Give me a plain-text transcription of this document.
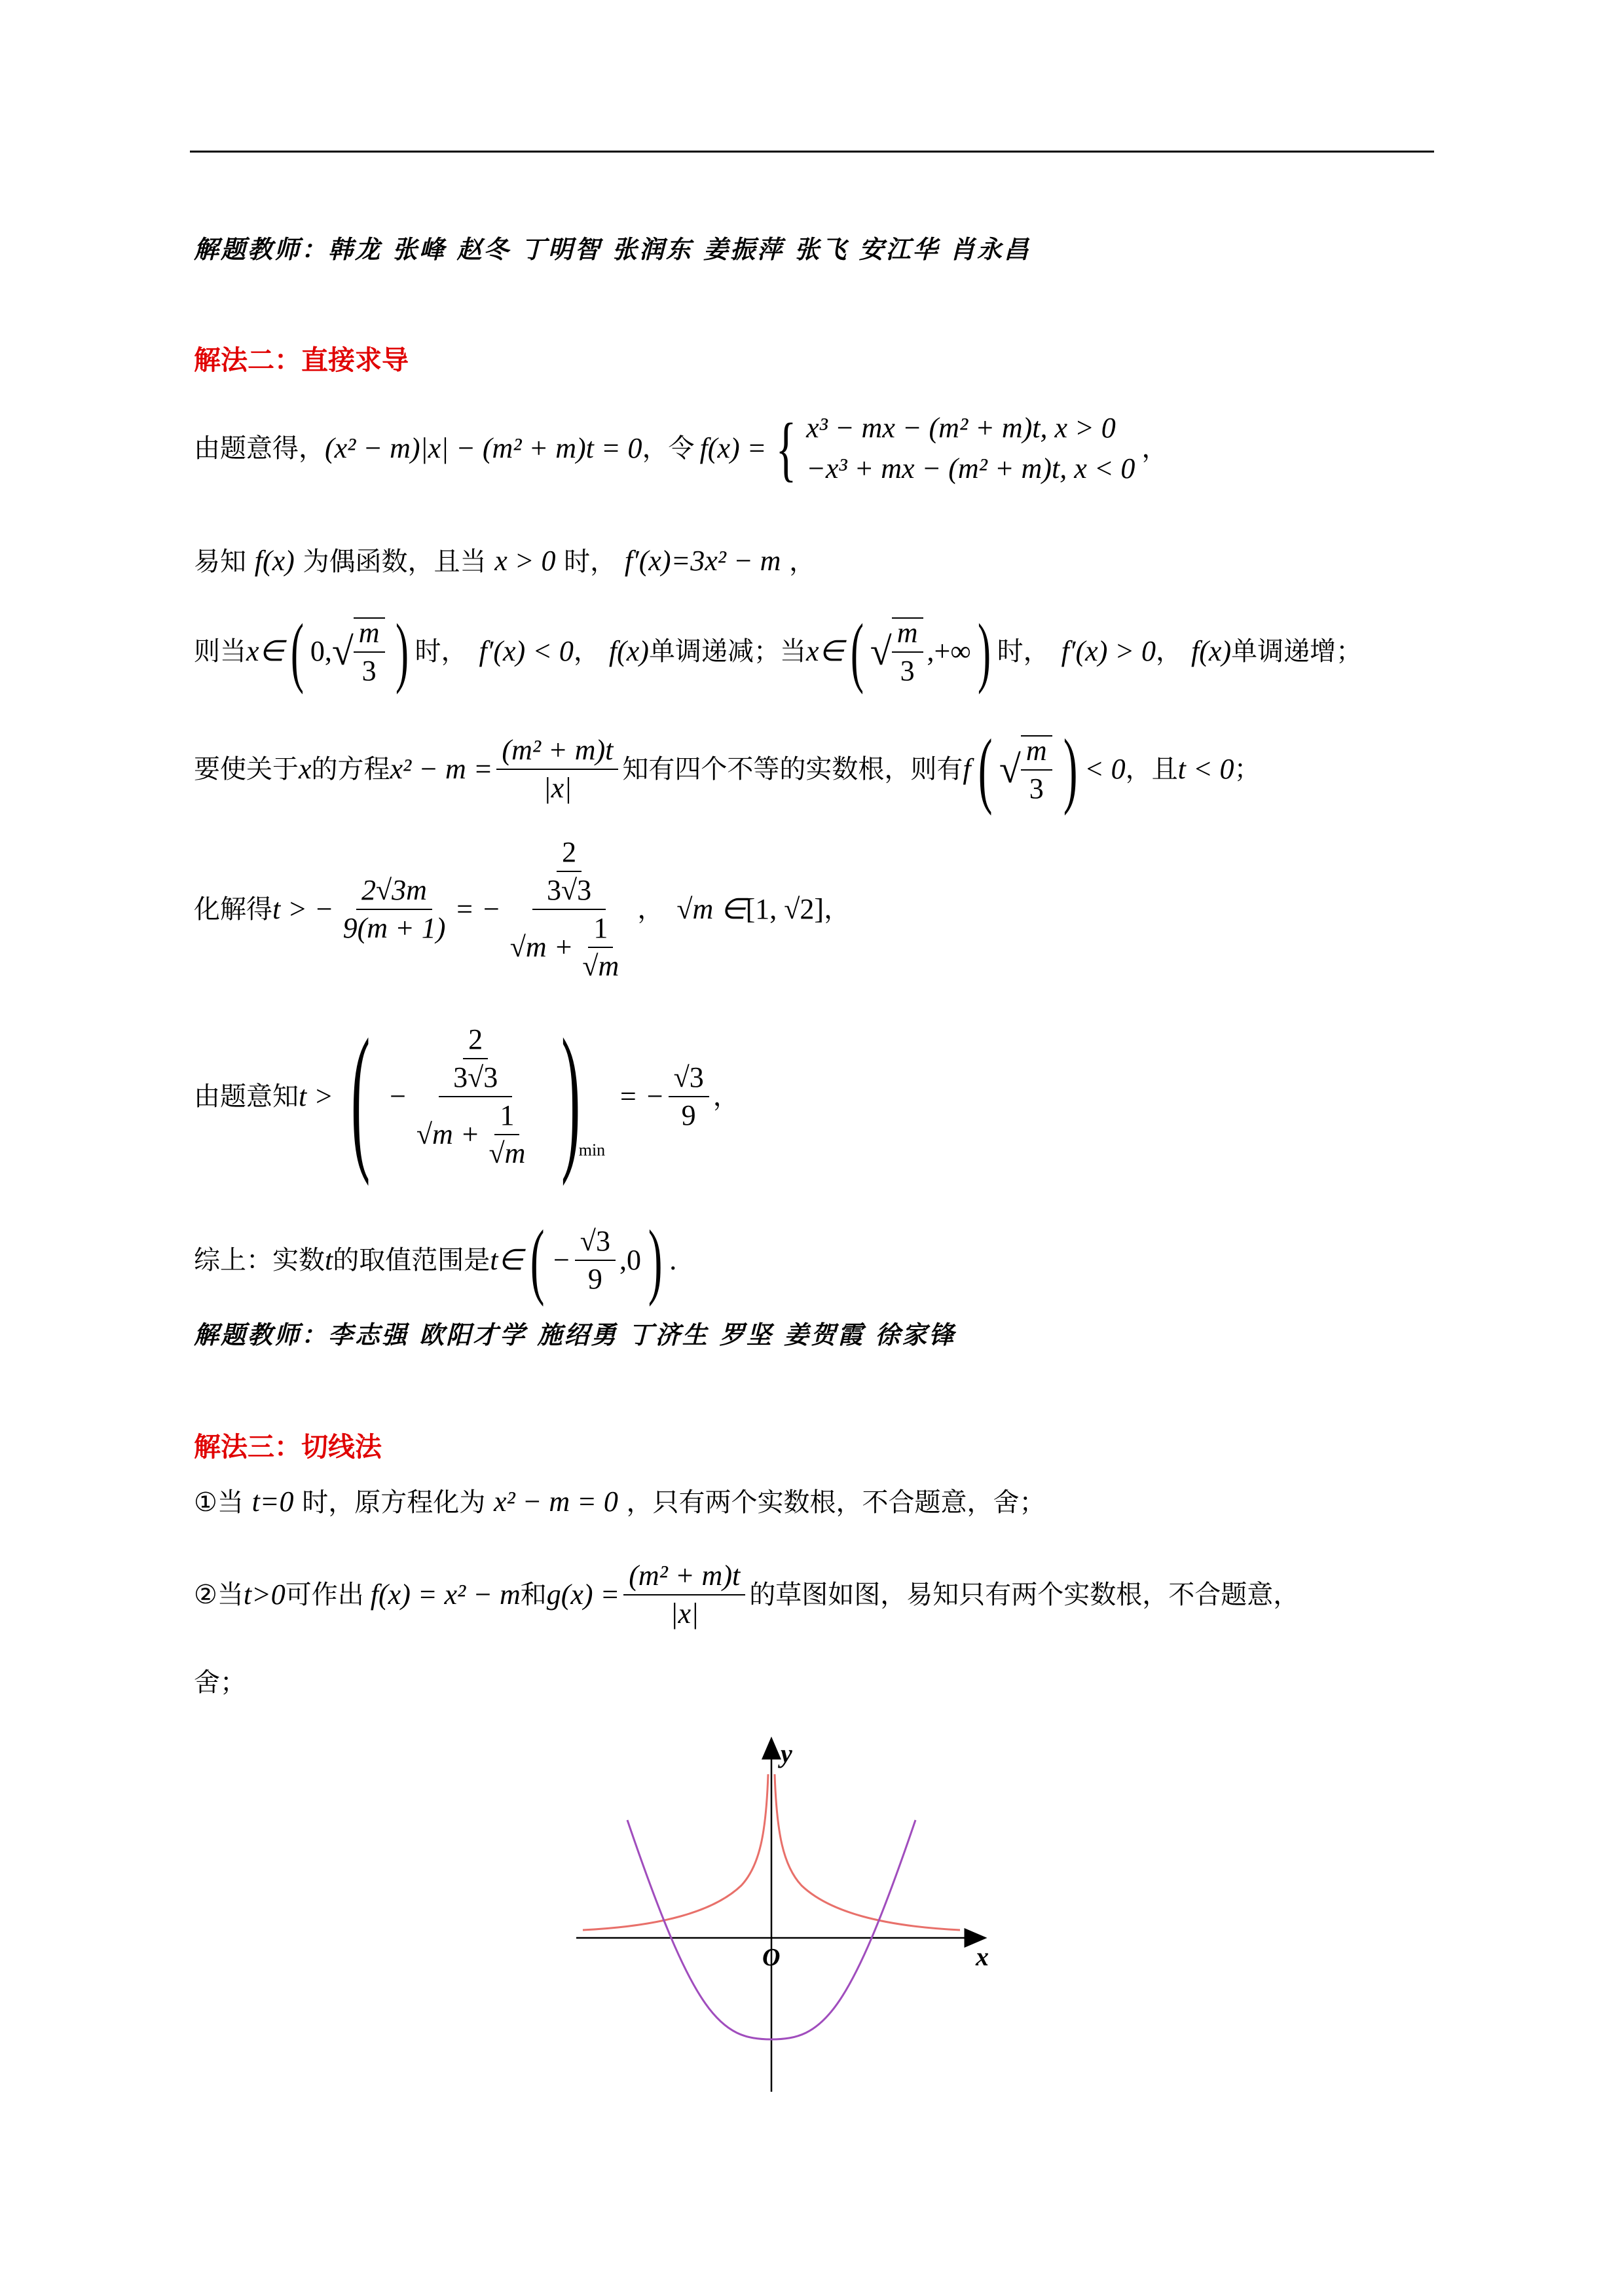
解题教师：韩龙 张峰 赵冬 丁明智 张润东 姜振萍 张飞 安江华 肖永昌
解法二：直接求导
由题意得， (x² − m)|x| − (m² + m)t = 0 ，令 f(x) = { x³ − mx − (m² + m)t, x > 0
−x³ + mx − (m² + m)t, x < 0
，
易知 f(x) 为偶函数，且当 x > 0 时， f′(x)=3x² − m ，
则当 x∈ ( 0, √ $\frac{m}{3}$ ) 时， f′(x) < 0 ， f(x) 单调递减；当 x∈ ( √ $\frac{m}{3}$ ,+∞ ) 时， f′(x) > 0 ， f(x) 单调递增；
要使关于 x 的方程 $x^2 - m = \frac{\text{(m² + m)t}}{|x|}$ 知有四个不等的实数根，则有 f ( √ $\frac{m}{3}$ ) < 0 ，且 t < 0 ；
化解得 t > − $\frac{2√3m}{9(m + 1)}$ = − $\frac{\frac{2}{3√3}}{√m + \frac{1}{√m}}$ ， √m ∈ [1, √2] ，
由题意知 t > ( − $\frac{\frac{2}{3√3}}{√m + \frac{1}{√m}}$ )
min
= − $\frac{√3}{9}$ ，
综上：实数 t 的取值范围是 t∈ ( − $\frac{√3}{9} ,0$ ) .
解题教师：李志强 欧阳才学 施绍勇 丁济生 罗坚 姜贺霞 徐家锋
解法三：切线法
①当 t=0 时，原方程化为 x² − m = 0 ，只有两个实数根，不合题意，舍；
②当 t>0 可作出 f(x) = x² − m 和 $g(x) = \frac{\text{(m² + m)t}}{|x|}$ 的草图如图，易知只有两个实数根，不合题意，
舍；
y
x
O
